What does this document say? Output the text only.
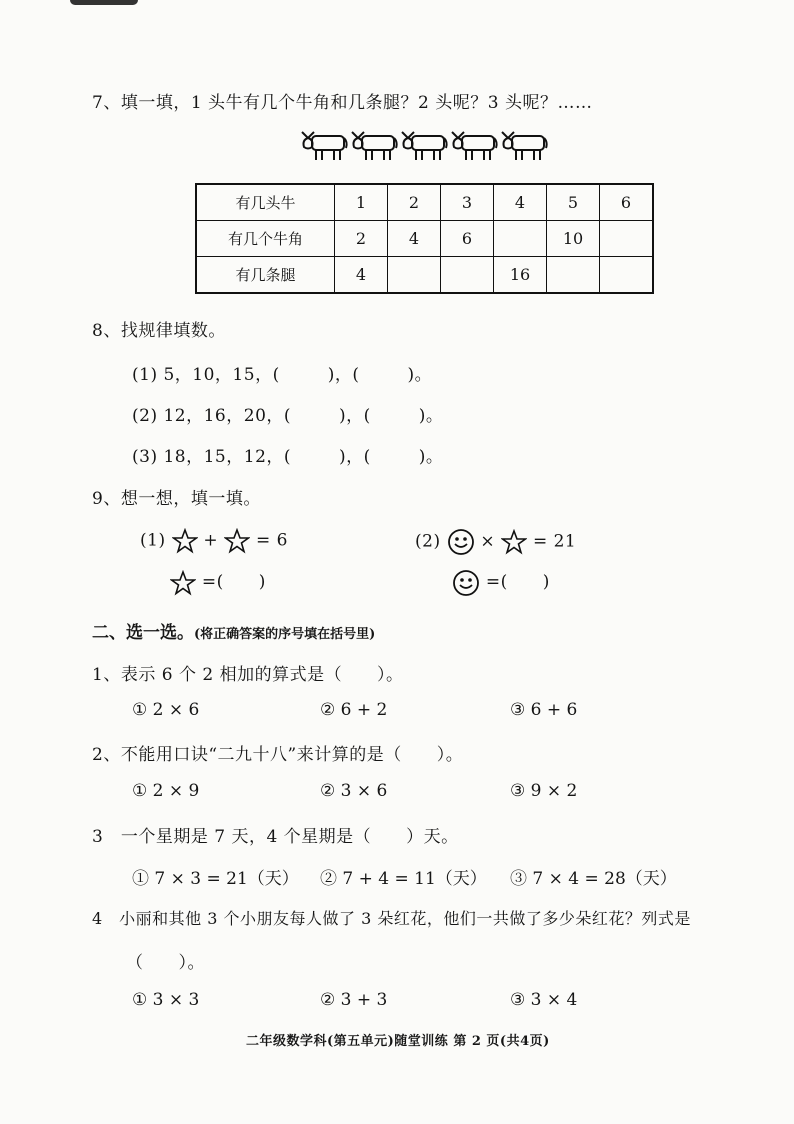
7、填一填，1 头牛有几个牛角和几条腿？2 头呢？3 头呢？……
有几头牛	1	2	3	4	5	6
有几个牛角	2	4	6		10	
有几条腿	4			16		
8、找规律填数。
(1) 5，10，15，(	)，(	)。
(2) 12，16，20，(	)，(	)。
(3) 18，15，12，(	)，(	)。
9、想一想，填一填。
(1) + = 6
=(　　)
(2) × = 21
=(　　)
二、选一选。(将正确答案的序号填在括号里)
1、表示 6 个 2 相加的算式是（　　）。
① 2 × 6	② 6 + 2	③ 6 + 6
2、不能用口诀“二九十八”来计算的是（　　）。
① 2 × 9	② 3 × 6	③ 9 × 2
3　一个星期是 7 天，4 个星期是（　　）天。
① 7 × 3 = 21（天） ② 7 + 4 = 11（天） ③ 7 × 4 = 28（天）
4　小丽和其他 3 个小朋友每人做了 3 朵红花，他们一共做了多少朵红花？列式是
（　　）。
① 3 × 3	② 3 + 3	③ 3 × 4
二年级数学科(第五单元)随堂训练 第 2 页(共4页)
